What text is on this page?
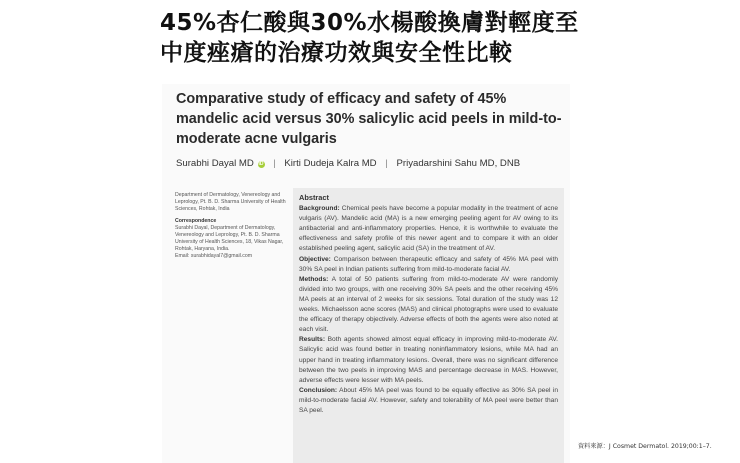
45%杏仁酸與30%水楊酸換膚對輕度至
中度痤瘡的治療功效與安全性比較
Comparative study of efficacy and safety of 45% mandelic acid versus 30% salicylic acid peels in mild-to-moderate acne vulgaris
Surabhi Dayal MD iD | Kirti Dudeja Kalra MD | Priyadarshini Sahu MD, DNB
Department of Dermatology, Venereology and Leprology, Pt. B. D. Sharma University of Health Sciences, Rohtak, India
Correspondence
Surabhi Dayal, Department of Dermatology, Venereology and Leprology, Pt. B. D. Sharma University of Health Sciences, 18, Vikas Nagar, Rohtak, Haryana, India.
Email: surabhidayal7@gmail.com
Abstract

Background: Chemical peels have become a popular modality in the treatment of acne vulgaris (AV). Mandelic acid (MA) is a new emerging peeling agent for AV owing to its antibacterial and anti-inflammatory properties. Hence, it is worthwhile to evaluate the effectiveness and safety profile of this newer agent and to compare it with an older established peeling agent, salicylic acid (SA) in the treatment of AV.

Objective: Comparison between therapeutic efficacy and safety of 45% MA peel with 30% SA peel in Indian patients suffering from mild-to-moderate facial AV.

Methods: A total of 50 patients suffering from mild-to-moderate AV were randomly divided into two groups, with one receiving 30% SA peels and the other receiving 45% MA peels at an interval of 2 weeks for six sessions. Total duration of the study was 12 weeks. Michaelsson acne scores (MAS) and clinical photographs were used to evaluate the efficacy of therapy objectively. Adverse effects of both the agents were also noted at each visit.

Results: Both agents showed almost equal efficacy in improving mild-to-moderate AV. Salicylic acid was found better in treating noninflammatory lesions, while MA had an upper hand in treating inflammatory lesions. Overall, there was no significant difference between the two peels in improving MAS and percentage decrease in MAS. However, adverse effects were lesser with MA peels.

Conclusion: About 45% MA peel was found to be equally effective as 30% SA peel in mild-to-moderate facial AV. However, safety and tolerability of MA peel were better than SA peel.

資料來源：J Cosmet Dermatol. 2019;00:1–7.
